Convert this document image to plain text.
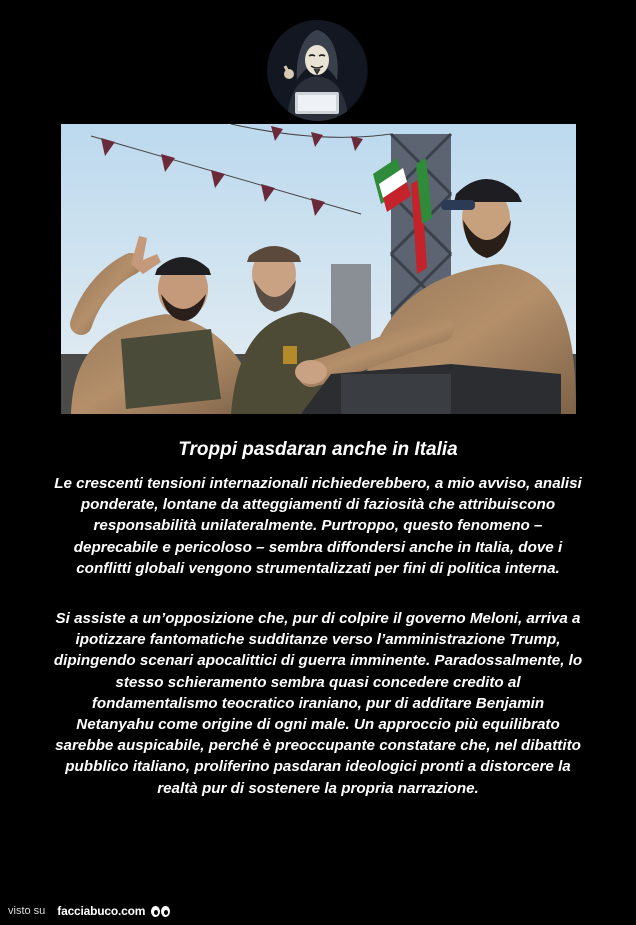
Troppi pasdaran anche in Italia
Le crescenti tensioni internazionali richiederebbero, a mio avviso, analisi ponderate, lontane da atteggiamenti di faziosità che attribuiscono responsabilità unilateralmente. Purtroppo, questo fenomeno – deprecabile e pericoloso – sembra diffondersi anche in Italia, dove i conflitti globali vengono strumentalizzati per fini di politica interna.
Si assiste a un’opposizione che, pur di colpire il governo Meloni, arriva a ipotizzare fantomatiche sudditanze verso l’amministrazione Trump, dipingendo scenari apocalittici di guerra imminente. Paradossalmente, lo stesso schieramento sembra quasi concedere credito al fondamentalismo teocratico iraniano, pur di additare Benjamin Netanyahu come origine di ogni male. Un approccio più equilibrato sarebbe auspicabile, perché è preoccupante constatare che, nel dibattito pubblico italiano, proliferino pasdaran ideologici pronti a distorcere la realtà pur di sostenere la propria narrazione.
visto su facciabuco.com
